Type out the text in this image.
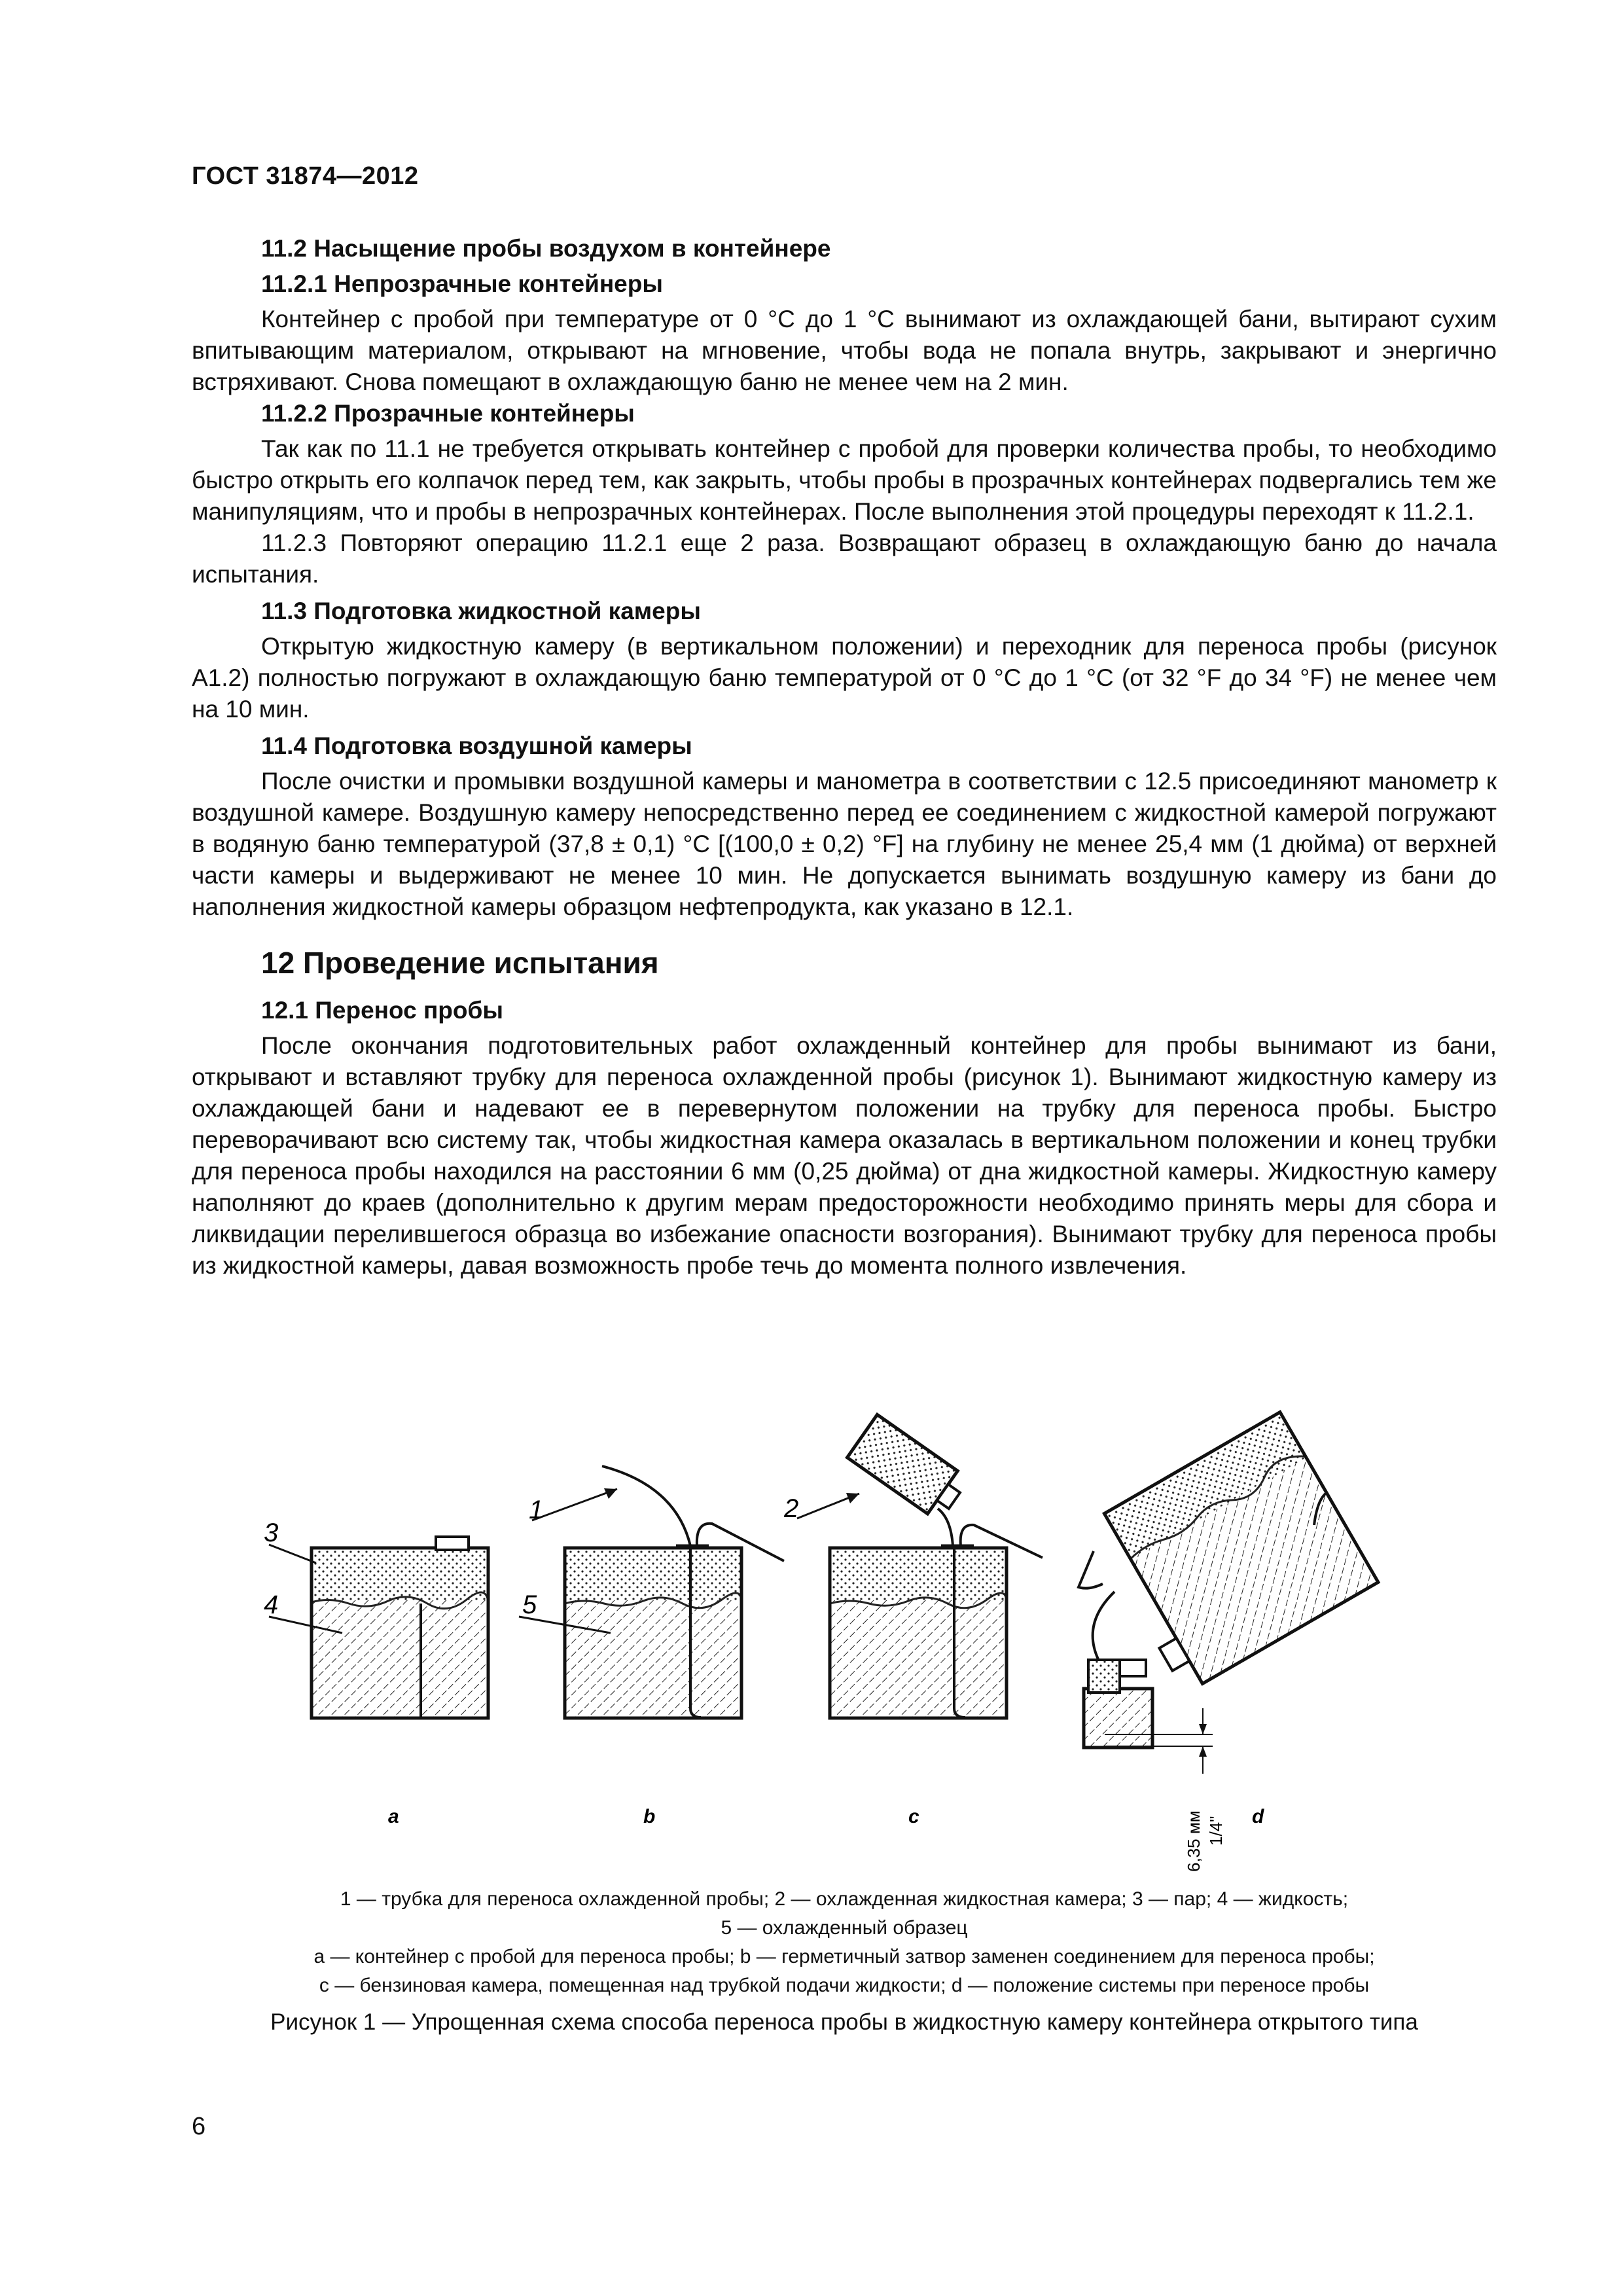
ГОСТ 31874—2012

11.2 Насыщение пробы воздухом в контейнере

11.2.1 Непрозрачные контейнеры

Контейнер с пробой при температуре от 0 °С до 1 °С вынимают из охлаждающей бани, вытирают сухим впитывающим материалом, открывают на мгновение, чтобы вода не попала внутрь, закрывают и энергично встряхивают. Снова помещают в охлаждающую баню не менее чем на 2 мин.

11.2.2 Прозрачные контейнеры

Так как по 11.1 не требуется открывать контейнер с пробой для проверки количества пробы, то необходимо быстро открыть его колпачок перед тем, как закрыть, чтобы пробы в прозрачных контейнерах подвергались тем же манипуляциям, что и пробы в непрозрачных контейнерах. После выполнения этой процедуры переходят к 11.2.1.

11.2.3 Повторяют операцию 11.2.1 еще 2 раза. Возвращают образец в охлаждающую баню до начала испытания.

11.3 Подготовка жидкостной камеры

Открытую жидкостную камеру (в вертикальном положении) и переходник для переноса пробы (рисунок А1.2) полностью погружают в охлаждающую баню температурой от 0 °С до 1 °С (от 32 °F до 34 °F) не менее чем на 10 мин.

11.4 Подготовка воздушной камеры

После очистки и промывки воздушной камеры и манометра в соответствии с 12.5 присоединяют манометр к воздушной камере. Воздушную камеру непосредственно перед ее соединением с жидкостной камерой погружают в водяную баню температурой (37,8 ± 0,1) °С [(100,0 ± 0,2) °F] на глубину не менее 25,4 мм (1 дюйма) от верхней части камеры и выдерживают не менее 10 мин. Не допускается вынимать воздушную камеру из бани до наполнения жидкостной камеры образцом нефтепродукта, как указано в 12.1.

12 Проведение испытания

12.1 Перенос пробы

После окончания подготовительных работ охлажденный контейнер для пробы вынимают из бани, открывают и вставляют трубку для переноса охлажденной пробы (рисунок 1). Вынимают жидкостную камеру из охлаждающей бани и надевают ее в перевернутом положении на трубку для переноса пробы. Быстро переворачивают всю систему так, чтобы жидкостная камера оказалась в вертикальном положении и конец трубки для переноса пробы находился на расстоянии 6 мм (0,25 дюйма) от дна жидкостной камеры. Жидкостную камеру наполняют до краев (дополнительно к другим мерам предосторожности необходимо принять меры для сбора и ликвидации перелившегося образца во избежание опасности возгорания). Вынимают трубку для переноса пробы из жидкостной камеры, давая возможность пробе течь до момента полного извлечения.

3
4	5
1	2
a	b	c	d
6,35 мм 1/4"

1 — трубка для переноса охлажденной пробы; 2 — охлажденная жидкостная камера; 3 — пар; 4 — жидкость;

5 — охлажденный образец

a — контейнер с пробой для переноса пробы; b — герметичный затвор заменен соединением для переноса пробы;

c — бензиновая камера, помещенная над трубкой подачи жидкости; d — положение системы при переносе пробы

Рисунок 1 — Упрощенная схема способа переноса пробы в жидкостную камеру контейнера открытого типа
6
